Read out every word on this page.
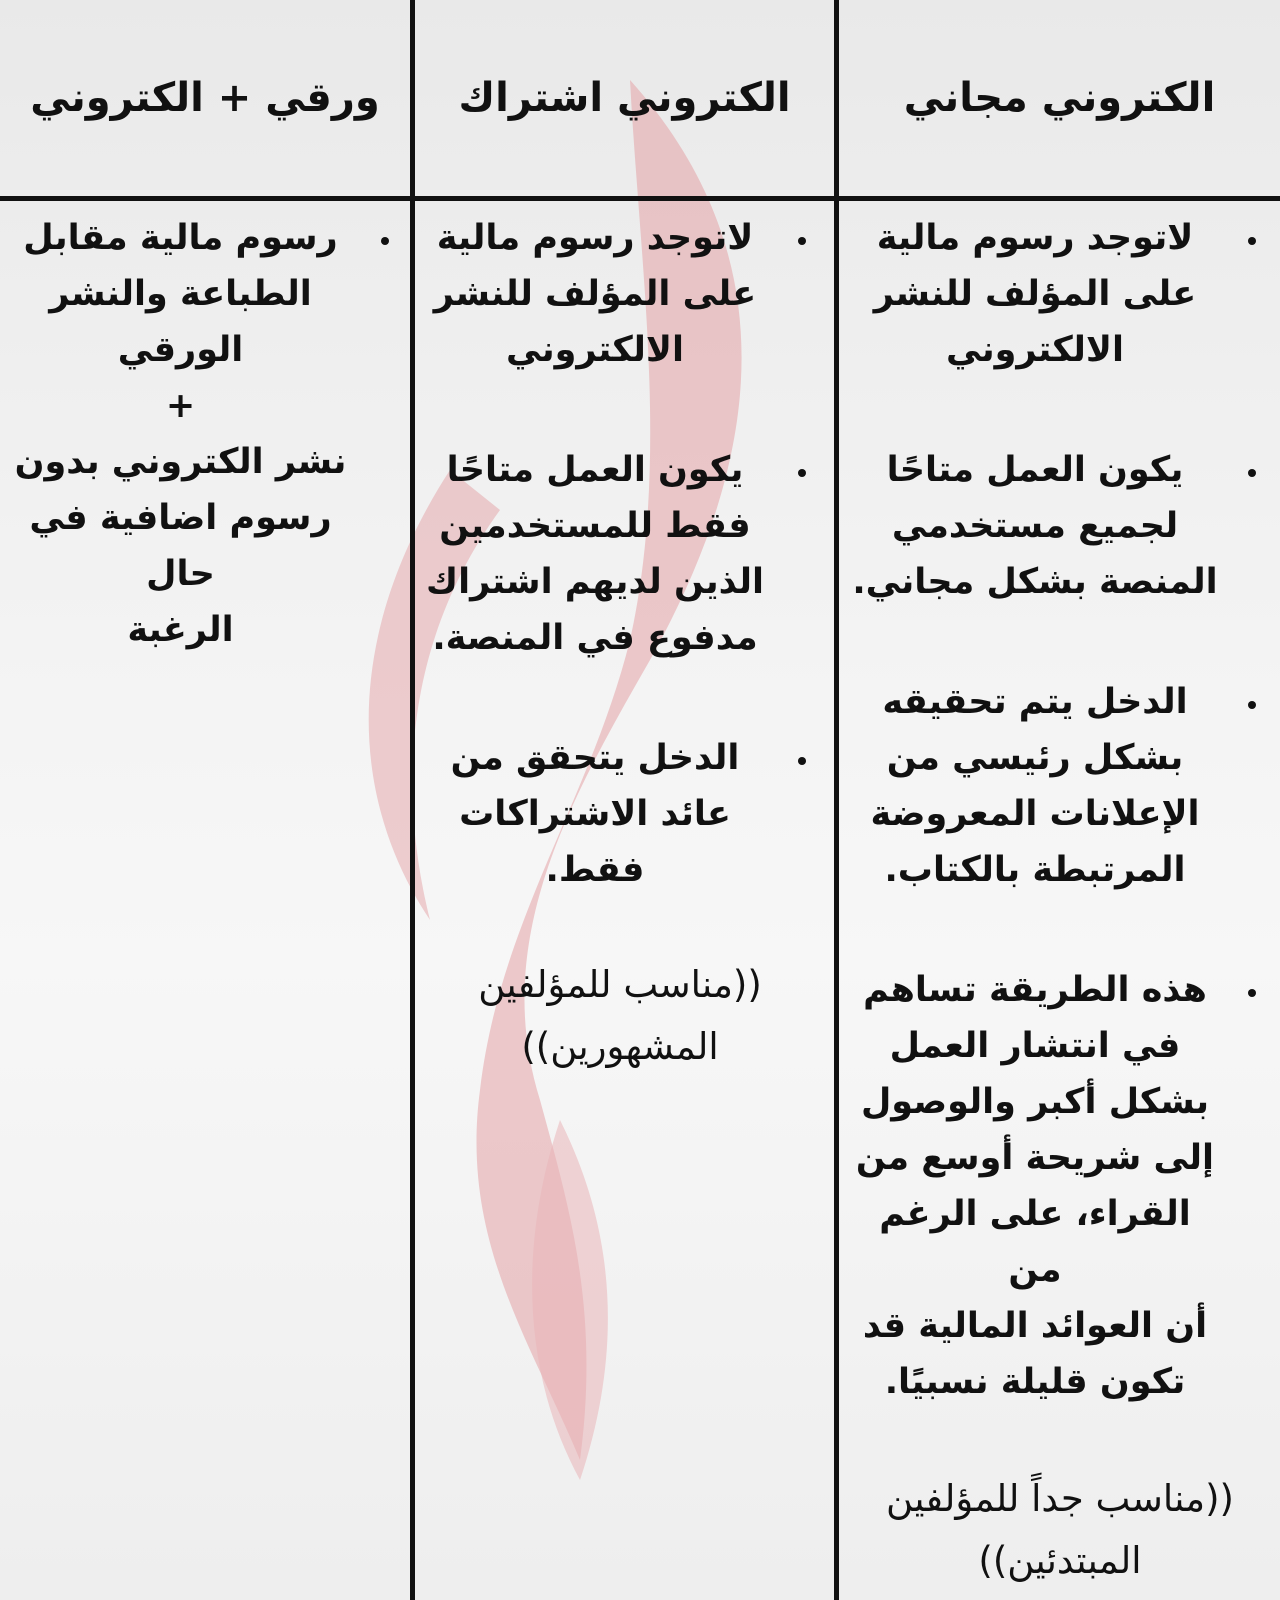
الكتروني مجاني
الكتروني اشتراك
ورقي + الكتروني
لاتوجد رسوم مالية
على المؤلف للنشر
الالكتروني
يكون العمل متاحًا
لجميع مستخدمي
المنصة بشكل مجاني.
الدخل يتم تحقيقه
بشكل رئيسي من
الإعلانات المعروضة
المرتبطة بالكتاب.
هذه الطريقة تساهم
في انتشار العمل
بشكل أكبر والوصول
إلى شريحة أوسع من
القراء، على الرغم من
أن العوائد المالية قد
تكون قليلة نسبيًا.
((مناسب جداً للمؤلفين
المبتدئين))
لاتوجد رسوم مالية
على المؤلف للنشر
الالكتروني
يكون العمل متاحًا
فقط للمستخدمين
الذين لديهم اشتراك
مدفوع في المنصة.
الدخل يتحقق من
عائد الاشتراكات
فقط.
((مناسب للمؤلفين
المشهورين))
رسوم مالية مقابل
الطباعة والنشر
الورقي
+
نشر الكتروني بدون
رسوم اضافية في حال
الرغبة
